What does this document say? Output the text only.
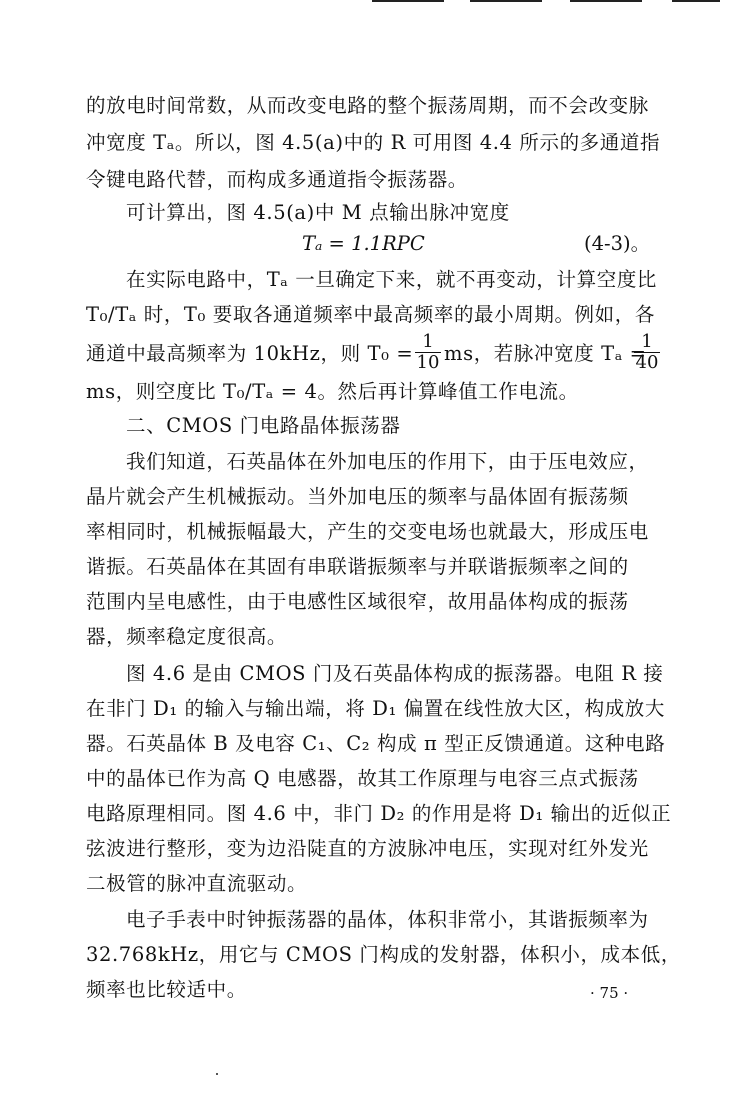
的放电时间常数，从而改变电路的整个振荡周期，而不会改变脉
冲宽度 Tₐ。所以，图 4.5(a)中的 R 可用图 4.4 所示的多通道指
令键电路代替，而构成多通道指令振荡器。
可计算出，图 4.5(a)中 M 点输出脉冲宽度
Tₐ = 1.1RPC	(4-3)。
在实际电路中，Tₐ 一旦确定下来，就不再变动，计算空度比
T₀/Tₐ 时，T₀ 要取各通道频率中最高频率的最小周期。例如，各
通道中最高频率为 10kHz，则 $T_0 = \frac{1}{10}$ ms，若脉冲宽度 Tₐ =
$\frac{1}{40}$
ms，则空度比 T₀/Tₐ = 4。然后再计算峰值工作电流。
二、CMOS 门电路晶体振荡器
我们知道，石英晶体在外加电压的作用下，由于压电效应，
晶片就会产生机械振动。当外加电压的频率与晶体固有振荡频
率相同时，机械振幅最大，产生的交变电场也就最大，形成压电
谐振。石英晶体在其固有串联谐振频率与并联谐振频率之间的
范围内呈电感性，由于电感性区域很窄，故用晶体构成的振荡
器，频率稳定度很高。
图 4.6 是由 CMOS 门及石英晶体构成的振荡器。电阻 R 接
在非门 D₁ 的输入与输出端，将 D₁ 偏置在线性放大区，构成放大
器。石英晶体 B 及电容 C₁、C₂ 构成 π 型正反馈通道。这种电路
中的晶体已作为高 Q 电感器，故其工作原理与电容三点式振荡
电路原理相同。图 4.6 中，非门 D₂ 的作用是将 D₁ 输出的近似正
弦波进行整形，变为边沿陡直的方波脉冲电压，实现对红外发光
二极管的脉冲直流驱动。
电子手表中时钟振荡器的晶体，体积非常小，其谐振频率为
32.768kHz，用它与 CMOS 门构成的发射器，体积小，成本低，
频率也比较适中。	· 75 ·
